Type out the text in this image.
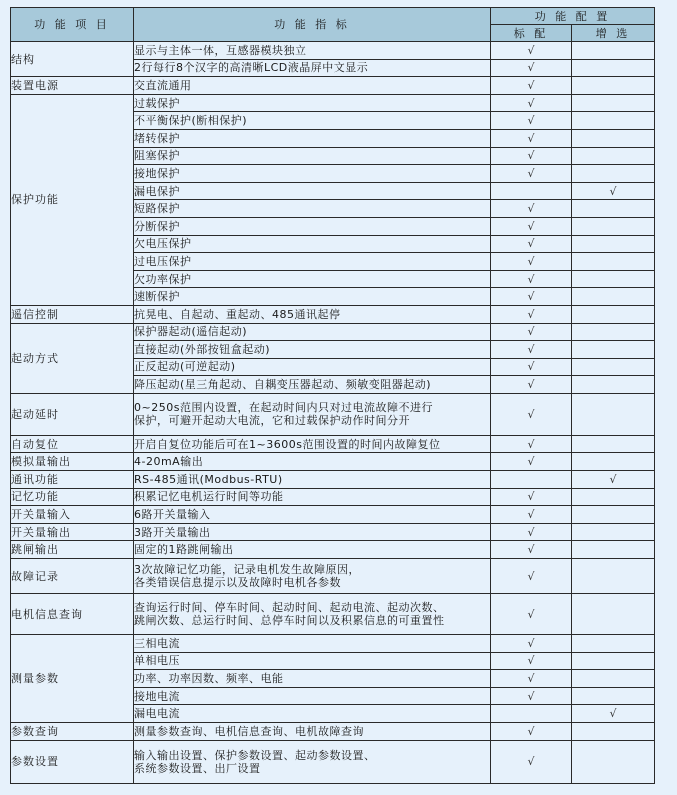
功 能 项 目	功 能 指 标	功 能 配 置	
		标 配	增 选
结构	显示与主体一体，互感器模块独立	√	

	2行每行8个汉字的高清晰LCD液晶屏中文显示	√	
装置电源	交直流通用	√	
保护功能	过载保护	√	

	不平衡保护(断相保护)	√	

	堵转保护	√	

	阻塞保护	√	

	接地保护	√	

	漏电保护		√

	短路保护	√	

	分断保护	√	

	欠电压保护	√	

	过电压保护	√	

	欠功率保护	√	

	速断保护	√	
遥信控制	抗晃电、自起动、重起动、485通讯起停	√	
起动方式	保护器起动(遥信起动)	√	

	直接起动(外部按钮盒起动)	√	

	正反起动(可逆起动)	√	

	降压起动(星三角起动、自耦变压器起动、频敏变阻器起动)	√	
起动延时	0~250s范围内设置，在起动时间内只对过电流故障不进行
保护，可避开起动大电流，它和过载保护动作时间分开	√	
自动复位	开启自复位功能后可在1~3600s范围设置的时间内故障复位	√	
模拟量输出	4-20mA输出	√	
通讯功能	RS-485通讯(Modbus-RTU)		√
记忆功能	积累记忆电机运行时间等功能	√	
开关量输入	6路开关量输入	√	
开关量输出	3路开关量输出	√	
跳闸输出	固定的1路跳闸输出	√	
故障记录	3次故障记忆功能，记录电机发生故障原因，
各类错误信息提示以及故障时电机各参数	√	
电机信息查询	查询运行时间、停车时间、起动时间、起动电流、起动次数、
跳闸次数、总运行时间、总停车时间以及积累信息的可重置性	√	
测量参数	三相电流	√	

	单相电压	√	

	功率、功率因数、频率、电能	√	

	接地电流	√	

	漏电电流		√
参数查询	测量参数查询、电机信息查询、电机故障查询	√	
参数设置	输入输出设置、保护参数设置、起动参数设置、
系统参数设置、出厂设置	√	
